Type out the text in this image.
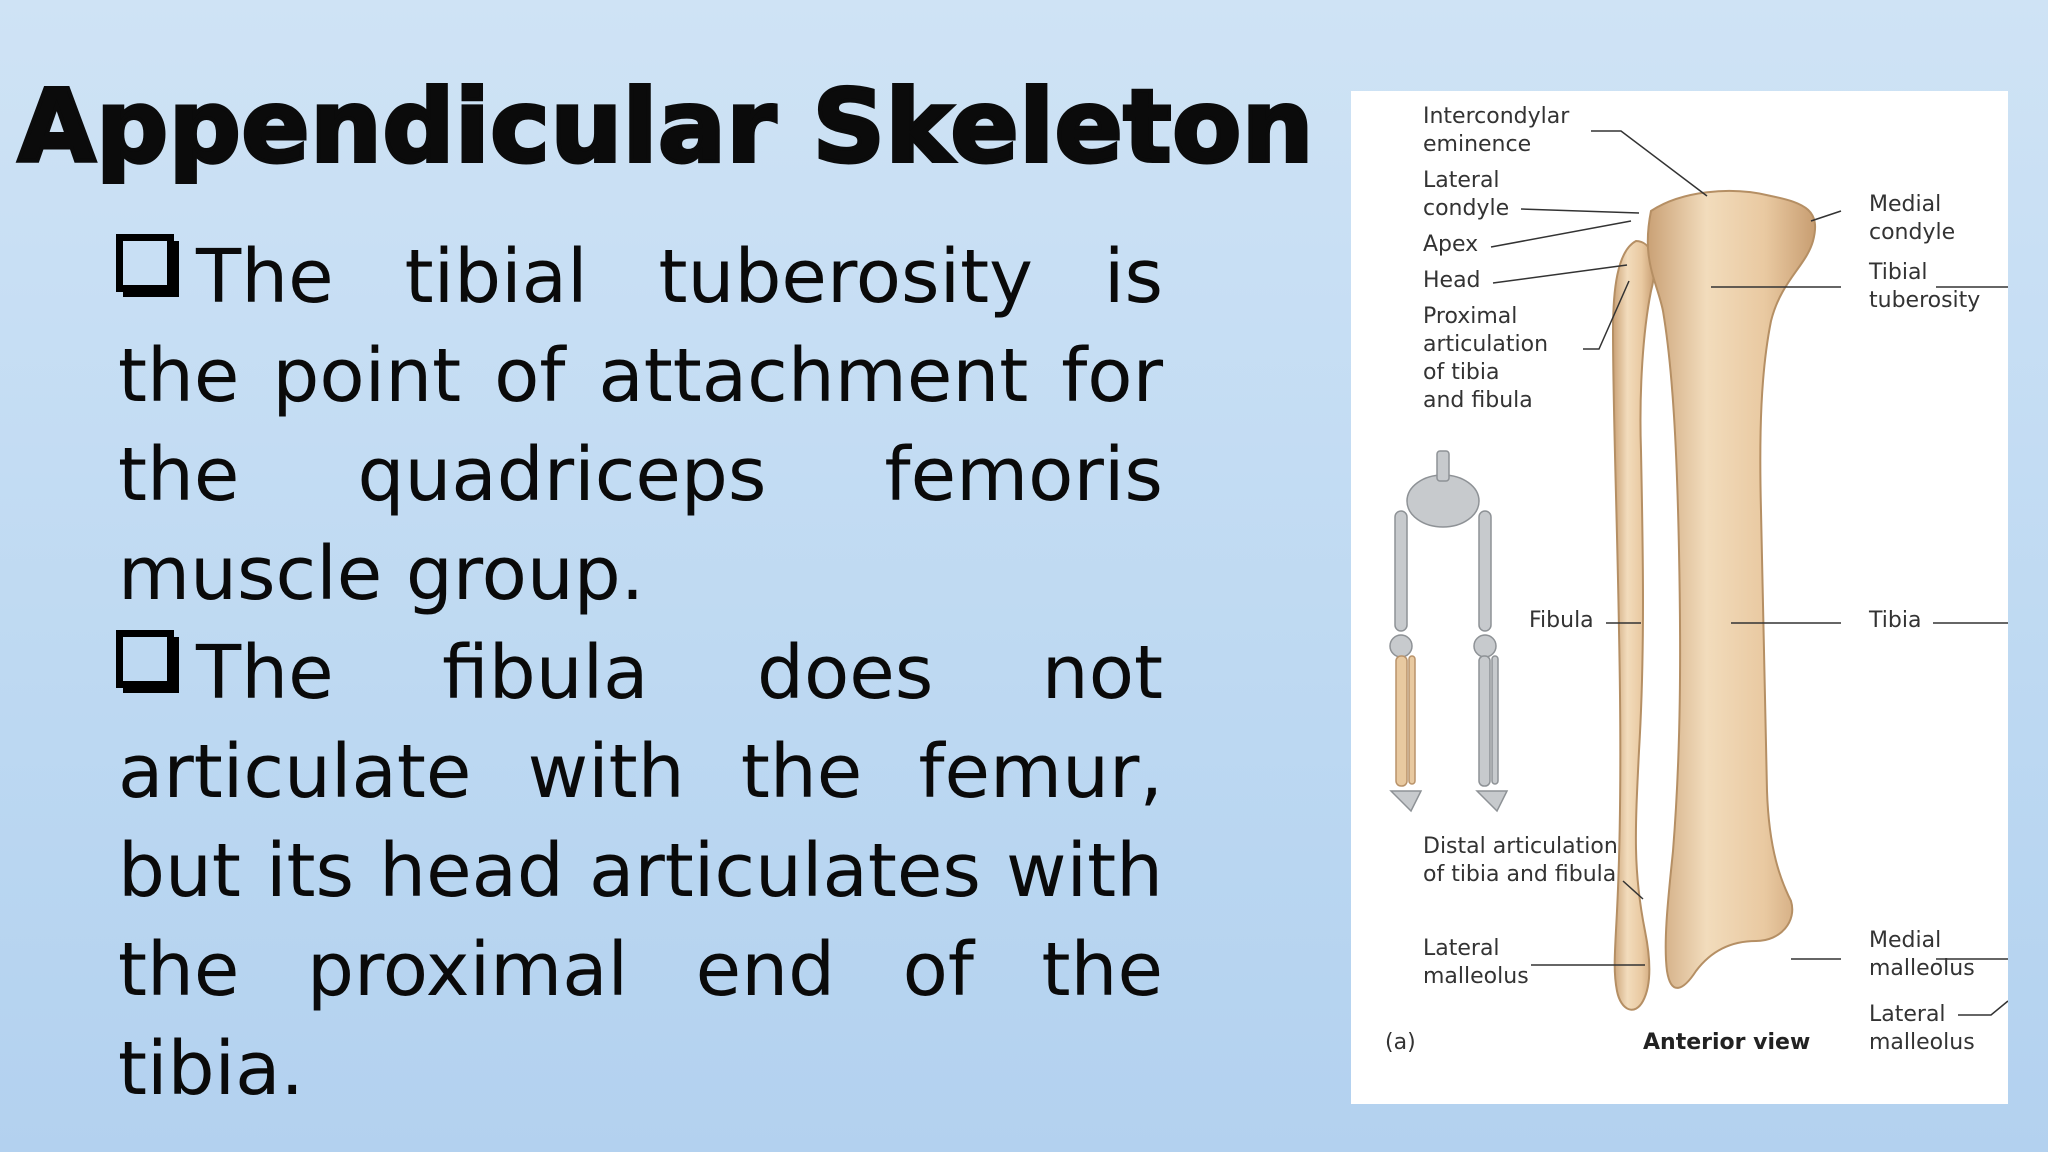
Appendicular Skeleton
The tibial tuberosity is the point of attachment for the quadriceps femoris muscle group.
The fibula does not articulate with the femur, but its head articulates with the proximal end of the tibia.
Intercondylar
eminence
Lateral
condyle
Apex
Head
Proximal
articulation
of tibia
and fibula
Fibula
Distal articulation
of tibia and fibula
Lateral
malleolus
(a)	Anterior view
Medial
condyle
Tibial
tuberosity
Tibia
Medial
malleolus
Lateral
malleolus
